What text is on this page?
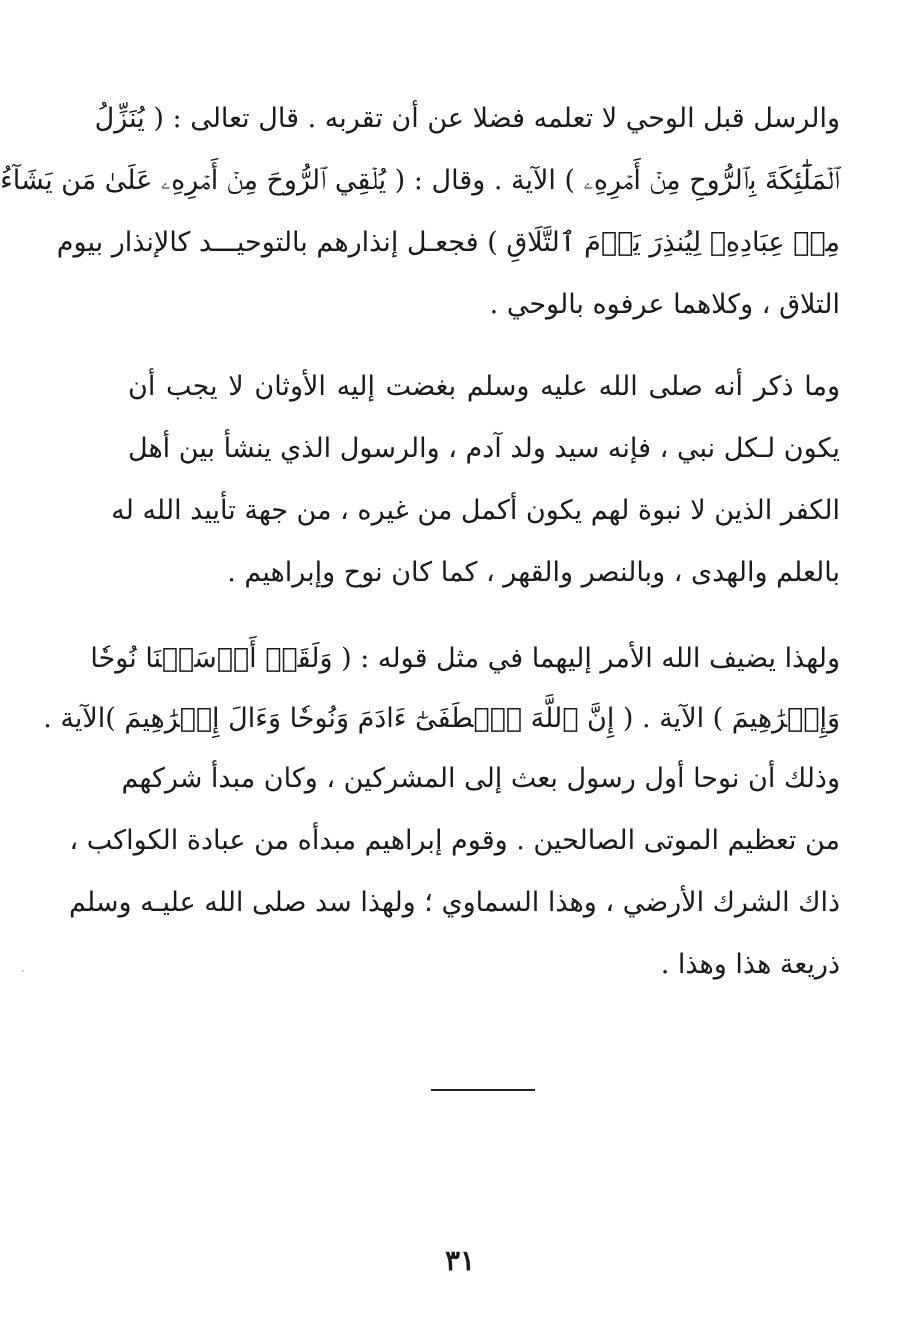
والرسل قبل الوحي لا تعلمه فضلا عن أن تقربه . قال تعالى : ( يُنَزِّلُ
ٱلۡمَلَٰٓئِكَةَ بِٱلرُّوحِ مِنۡ أَمۡرِهِۦ ) الآية . وقال : ( يُلۡقِي ٱلرُّوحَ مِنۡ أَمۡرِهِۦ عَلَىٰ مَن يَشَآءُ
مِنۡ عِبَادِهِۦ لِيُنذِرَ يَوۡمَ ٱلتَّلَاقِ ) فجعـل إنذارهم بالتوحيـــد كالإنذار بيوم
التلاق ، وكلاهما عرفوه بالوحي .
وما ذكر أنه صلى الله عليه وسلم بغضت إليه الأوثان لا يجب أن
يكون لـكل نبي ، فإنه سيد ولد آدم ، والرسول الذي ينشأ بين أهل
الكفر الذين لا نبوة لهم يكون أكمل من غيره ، من جهة تأييد الله له
بالعلم والهدى ، وبالنصر والقهر ، كما كان نوح وإبراهيم .
ولهذا يضيف الله الأمر إليهما في مثل قوله : ( وَلَقَدۡ أَرۡسَلۡنَا نُوحٗا
وَإِبۡرَٰهِيمَ ) الآية . ( إِنَّ ٱللَّهَ ٱصۡطَفَىٰٓ ءَادَمَ وَنُوحٗا وَءَالَ إِبۡرَٰهِيمَ )الآية .
وذلك أن نوحا أول رسول بعث إلى المشركين ، وكان مبدأ شركهم
من تعظيم الموتى الصالحين . وقوم إبراهيم مبدأه من عبادة الكواكب ،
ذاك الشرك الأرضي ، وهذا السماوي ؛ ولهذا سد صلى الله عليـه وسلم
ذريعة هذا وهذا .
٣١
